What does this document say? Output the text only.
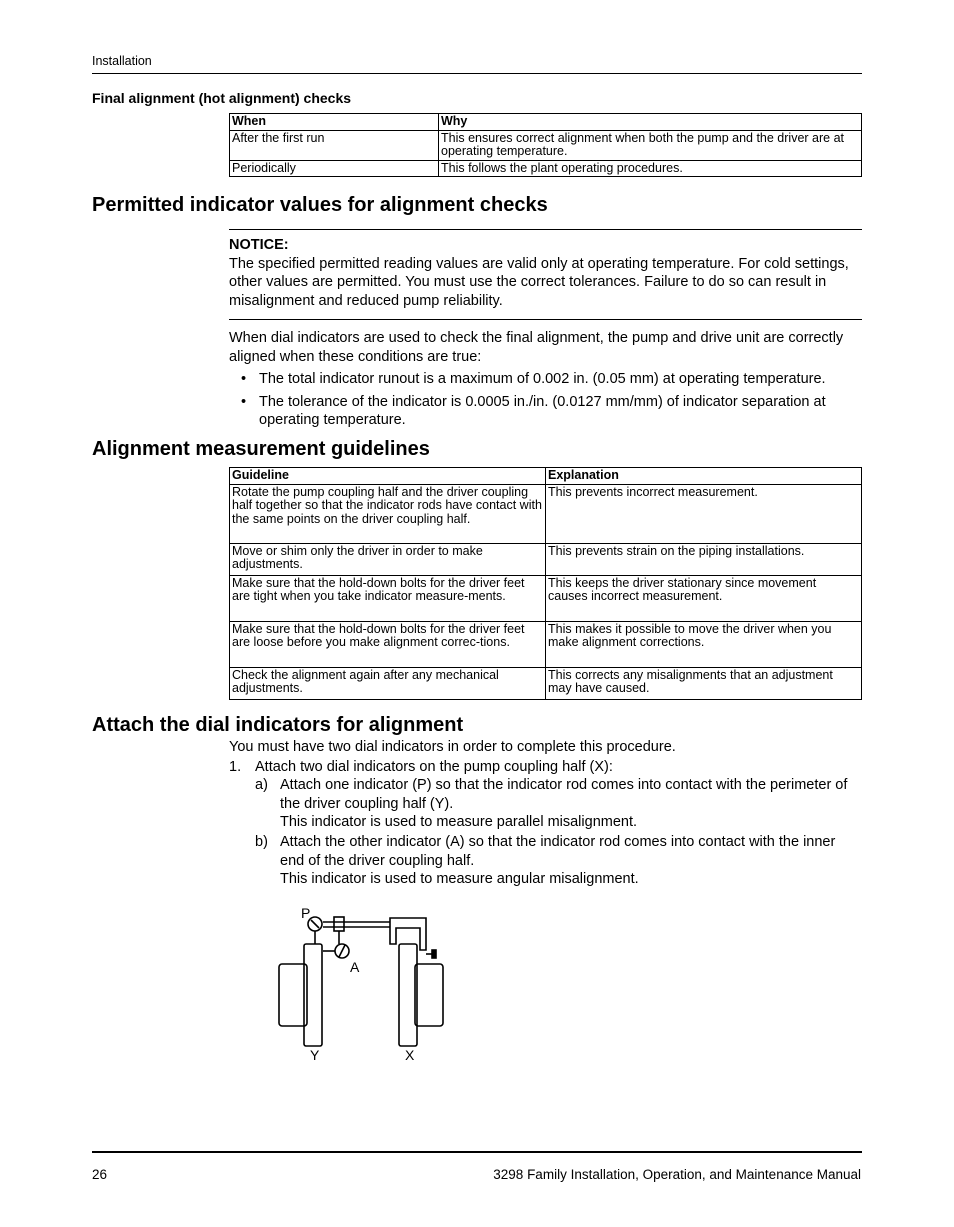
Installation
Final alignment (hot alignment) checks
When	Why
After the first run	This ensures correct alignment when both the pump and the driver are at operating temperature.
Periodically	This follows the plant operating procedures.
Permitted indicator values for alignment checks
NOTICE:
The specified permitted reading values are valid only at operating temperature. For cold settings, other values are permitted. You must use the correct tolerances. Failure to do so can result in misalignment and reduced pump reliability.
When dial indicators are used to check the final alignment, the pump and drive unit are correctly aligned when these conditions are true:
• The total indicator runout is a maximum of 0.002 in. (0.05 mm) at operating temperature.
• The tolerance of the indicator is 0.0005 in./in. (0.0127 mm/mm) of indicator separation at operating temperature.
Alignment measurement guidelines
Guideline	Explanation
Rotate the pump coupling half and the driver coupling half together so that the indicator rods have contact with the same points on the driver coupling half.	This prevents incorrect measurement.
Move or shim only the driver in order to make adjustments.	This prevents strain on the piping installations.
Make sure that the hold-down bolts for the driver feet are tight when you take indicator measure-ments.	This keeps the driver stationary since movement causes incorrect measurement.
Make sure that the hold-down bolts for the driver feet are loose before you make alignment correc-tions.	This makes it possible to move the driver when you make alignment corrections.
Check the alignment again after any mechanical adjustments.	This corrects any misalignments that an adjustment may have caused.
Attach the dial indicators for alignment
You must have two dial indicators in order to complete this procedure.
1. Attach two dial indicators on the pump coupling half (X):
a) Attach one indicator (P) so that the indicator rod comes into contact with the perimeter of the driver coupling half (Y).
This indicator is used to measure parallel misalignment.
b) Attach the other indicator (A) so that the indicator rod comes into contact with the inner end of the driver coupling half.
This indicator is used to measure angular misalignment.
P
A
Y	X
26	3298 Family Installation, Operation, and Maintenance Manual
